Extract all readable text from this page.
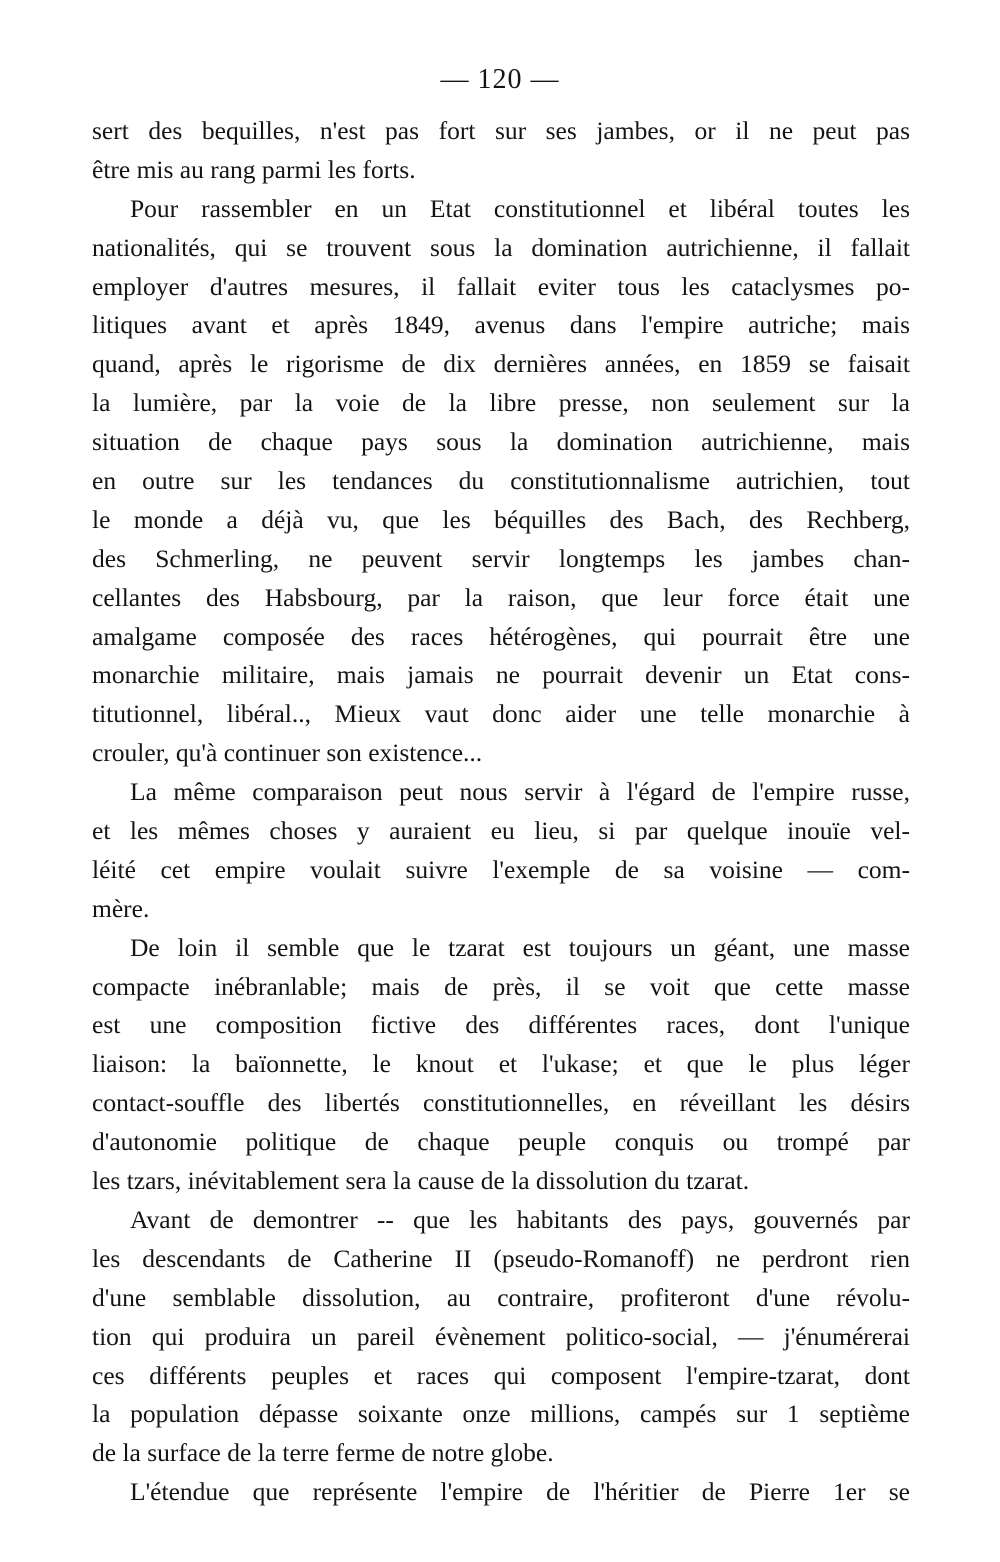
— 120 —
sert des bequilles, n'est pas fort sur ses jambes, or il ne peut pas
être mis au rang parmi les forts.
Pour rassembler en un Etat constitutionnel et libéral toutes les
nationalités, qui se trouvent sous la domination autrichienne, il fallait
employer d'autres mesures, il fallait eviter tous les cataclysmes po-
litiques avant et après 1849, avenus dans l'empire autriche; mais
quand, après le rigorisme de dix dernières années, en 1859 se faisait
la lumière, par la voie de la libre presse, non seulement sur la
situation de chaque pays sous la domination autrichienne, mais
en outre sur les tendances du constitutionnalisme autrichien, tout
le monde a déjà vu, que les béquilles des Bach, des Rechberg,
des Schmerling, ne peuvent servir longtemps les jambes chan-
cellantes des Habsbourg, par la raison, que leur force était une
amalgame composée des races hétérogènes, qui pourrait être une
monarchie militaire, mais jamais ne pourrait devenir un Etat cons-
titutionnel, libéral.., Mieux vaut donc aider une telle monarchie à
crouler, qu'à continuer son existence...
La même comparaison peut nous servir à l'égard de l'empire russe,
et les mêmes choses y auraient eu lieu, si par quelque inouïe vel-
léité cet empire voulait suivre l'exemple de sa voisine — com-
mère.
De loin il semble que le tzarat est toujours un géant, une masse
compacte inébranlable; mais de près, il se voit que cette masse
est une composition fictive des différentes races, dont l'unique
liaison: la baïonnette, le knout et l'ukase; et que le plus léger
contact-souffle des libertés constitutionnelles, en réveillant les désirs
d'autonomie politique de chaque peuple conquis ou trompé par
les tzars, inévitablement sera la cause de la dissolution du tzarat.
Avant de demontrer -- que les habitants des pays, gouvernés par
les descendants de Catherine II (pseudo-Romanoff) ne perdront rien
d'une semblable dissolution, au contraire, profiteront d'une révolu-
tion qui produira un pareil évènement politico-social, — j'énumérerai
ces différents peuples et races qui composent l'empire-tzarat, dont
la population dépasse soixante onze millions, campés sur 1 septième
de la surface de la terre ferme de notre globe.
L'étendue que représente l'empire de l'héritier de Pierre 1er se
